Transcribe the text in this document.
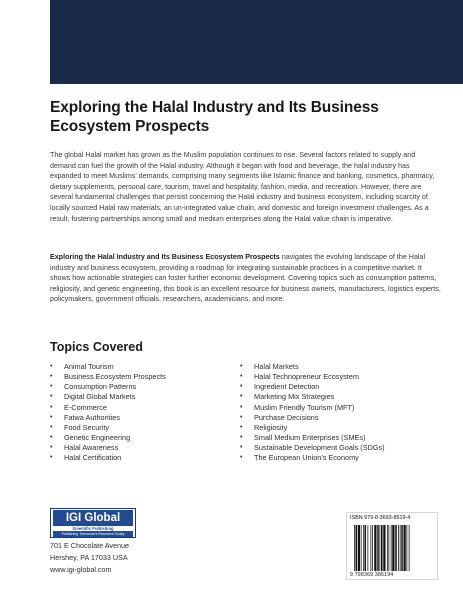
Exploring the Halal Industry and Its Business Ecosystem Prospects

The global Halal market has grown as the Muslim population continues to rise. Several factors related to supply and demand can fuel the growth of the Halal industry. Although it began with food and beverage, the halal industry has expanded to meet Muslims' demands, comprising many segments like Islamic finance and banking, cosmetics, pharmacy, dietary supplements, personal care, tourism, travel and hospitality, fashion, media, and recreation. However, there are several fundamental challenges that persist concerning the Halal industry and business ecosystem, including scarcity of locally sourced Halal raw materials, an un-integrated value chain, and domestic and foreign investment challenges. As a result, fostering partnerships among small and medium enterprises along the Halal value chain is imperative.

Exploring the Halal Industry and Its Business Ecosystem Prospects navigates the evolving landscape of the Halal industry and business ecosystem, providing a roadmap for integrating sustainable practices in a competitive market. It shows how actionable strategies can foster further economic development. Covering topics such as consumption patterns, religiosity, and genetic engineering, this book is an excellent resource for business owners, manufacturers, logistics experts, policymakers, government officials, researchers, academicians, and more.

Topics Covered
• Animal Tourism
• Business Ecosystem Prospects
• Consumption Patterns
• Digital Global Markets
• E-Commerce
• Fatwa Authorities
• Food Security
• Genetic Engineering
• Halal Awareness
• Halal Certification
• Halal Markets
• Halal Technopreneur Ecosystem
• Ingredient Detection
• Marketing Mix Strategies
• Muslim Friendly Tourism (MFT)
• Purchase Decisions
• Religiosity
• Small Medium Enterprises (SMEs)
• Sustainable Development Goals (SDGs)
• The European Union's Economy
IGI Global
Scientific Publishing
Publishing Tomorrow's Research Today
701 E Chocolate Avenue
Hershey, PA 17033 USA
www.igi-global.com
ISBN 979-8-3693-8619-4
9 798369 386194
